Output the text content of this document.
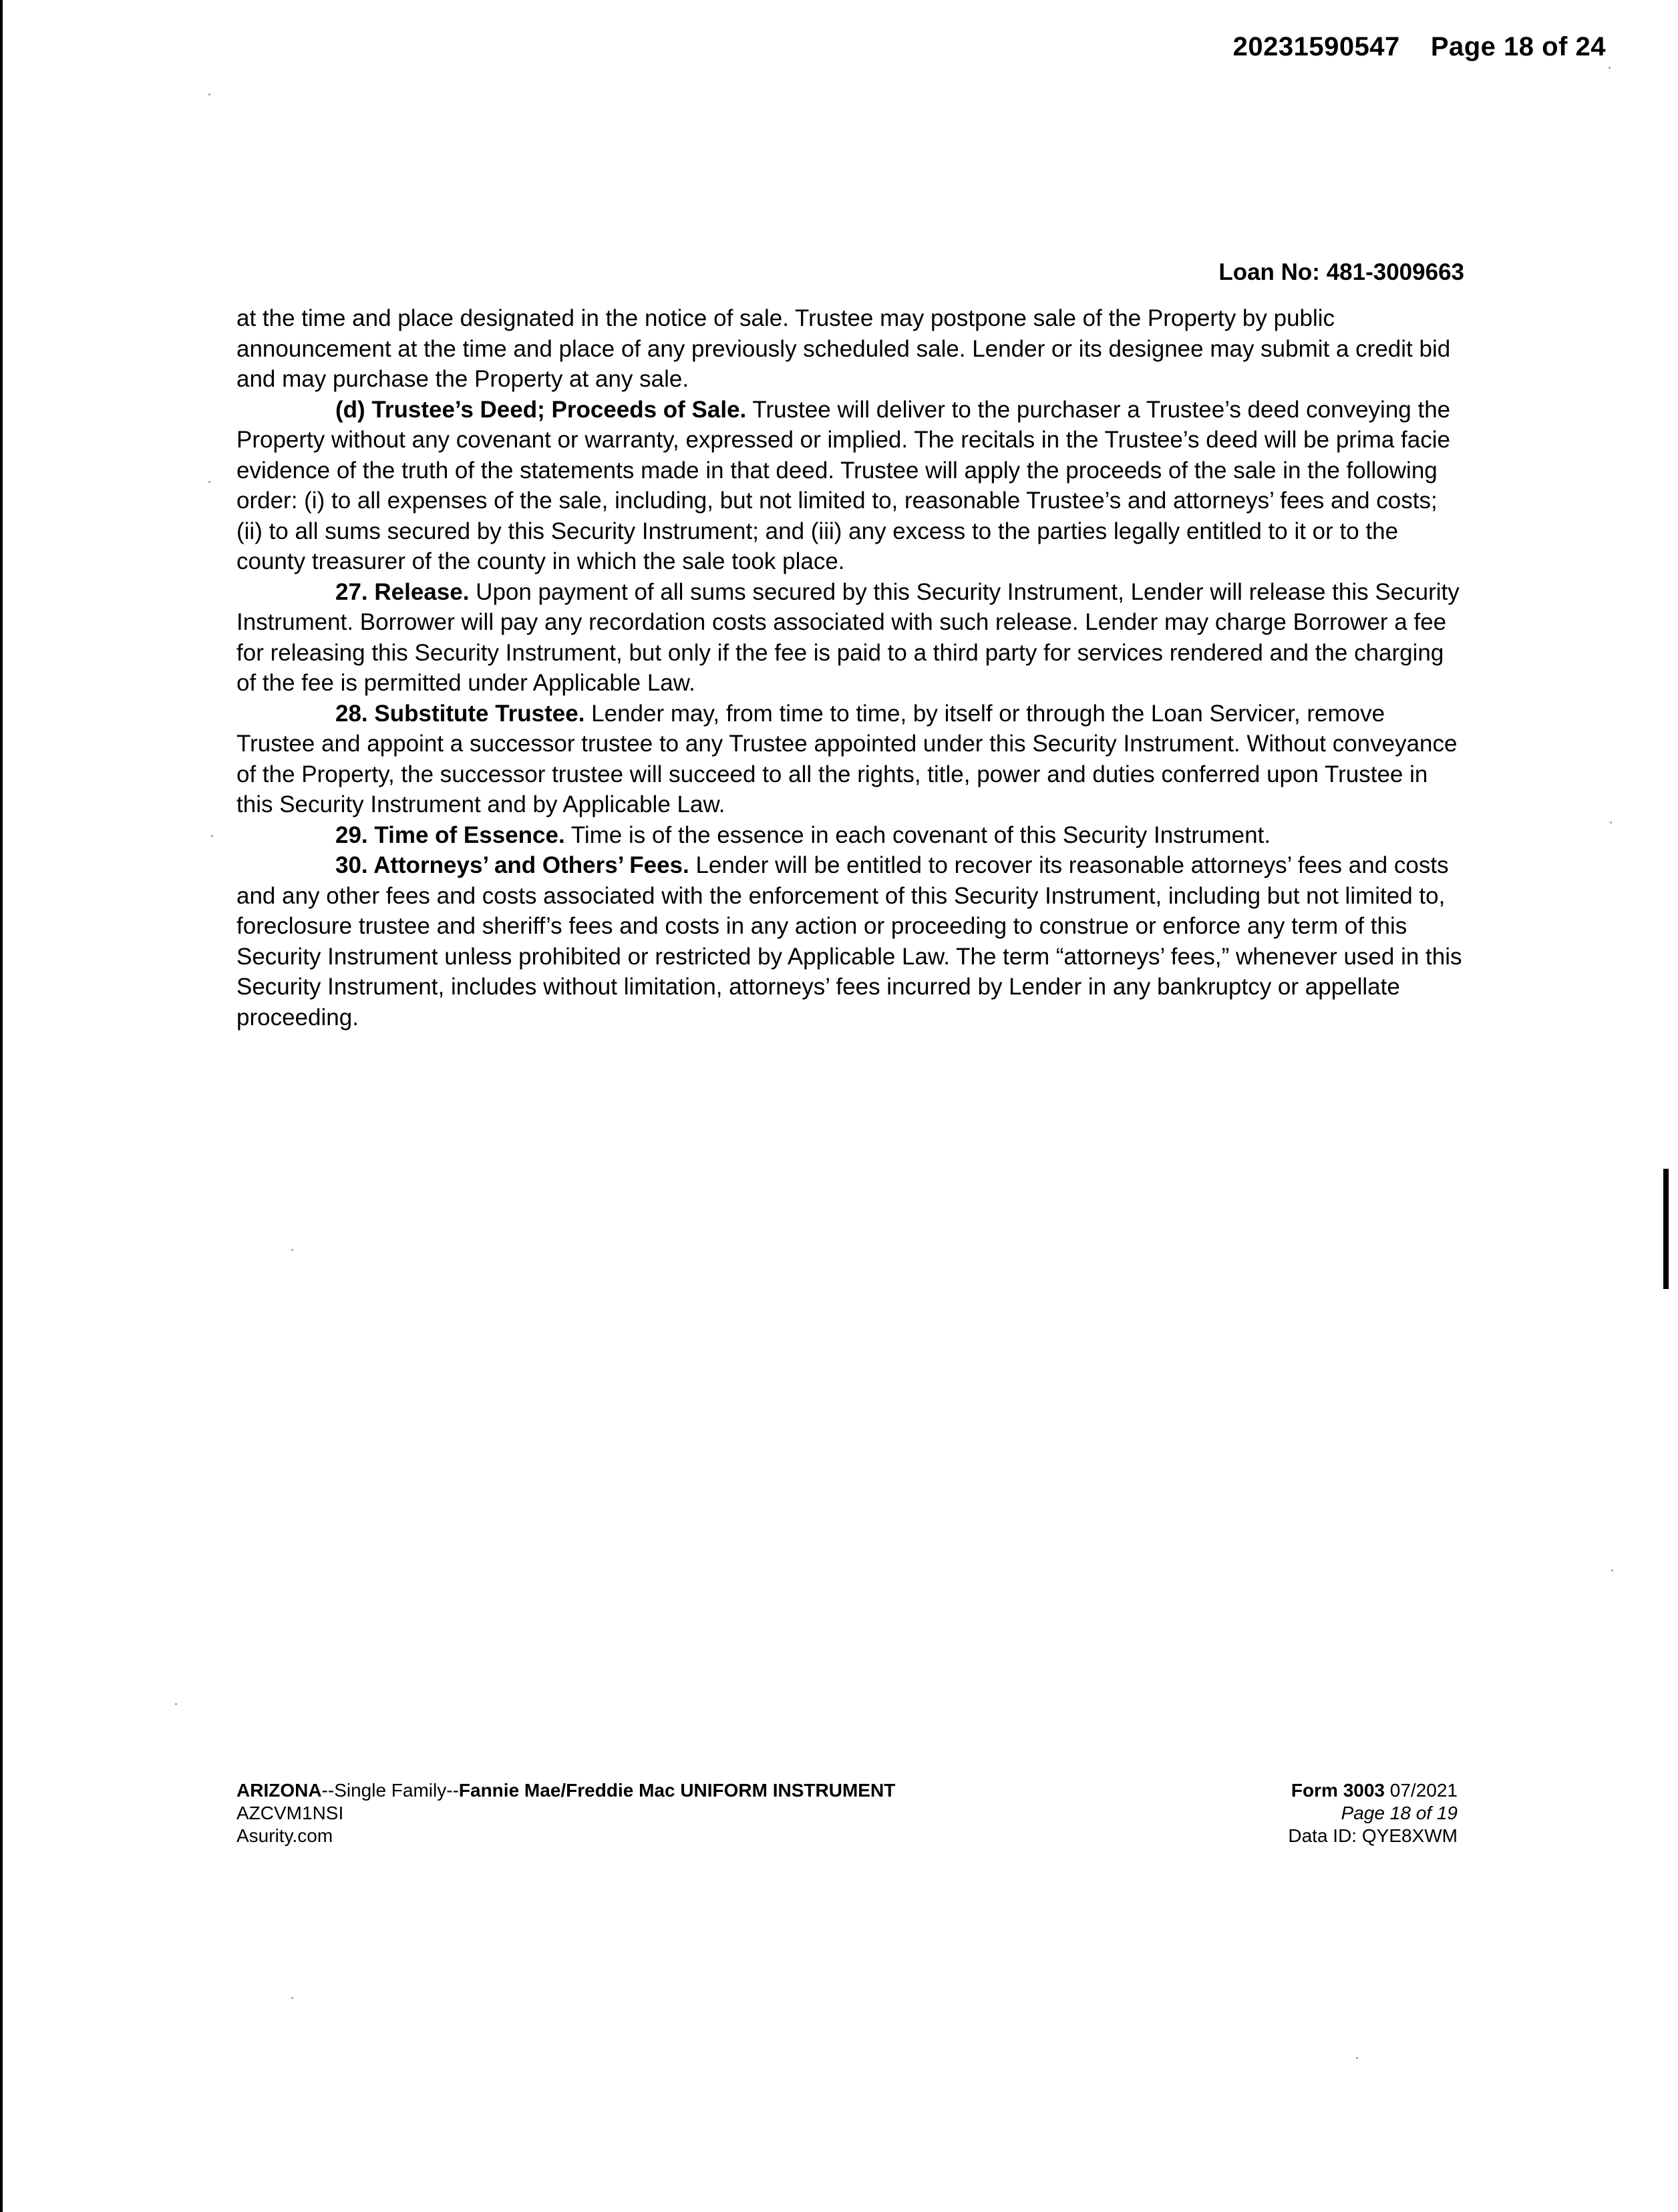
20231590547 Page 18 of 24
Loan No: 481-3009663

at the time and place designated in the notice of sale. Trustee may postpone sale of the Property by public announcement at the time and place of any previously scheduled sale. Lender or its designee may submit a credit bid and may purchase the Property at any sale.

(d) Trustee’s Deed; Proceeds of Sale. Trustee will deliver to the purchaser a Trustee’s deed conveying the Property without any covenant or warranty, expressed or implied. The recitals in the Trustee’s deed will be prima facie evidence of the truth of the statements made in that deed. Trustee will apply the proceeds of the sale in the following order: (i) to all expenses of the sale, including, but not limited to, reasonable Trustee’s and attorneys’ fees and costs; (ii) to all sums secured by this Security Instrument; and (iii) any excess to the parties legally entitled to it or to the county treasurer of the county in which the sale took place.

27. Release. Upon payment of all sums secured by this Security Instrument, Lender will release this Security Instrument. Borrower will pay any recordation costs associated with such release. Lender may charge Borrower a fee for releasing this Security Instrument, but only if the fee is paid to a third party for services rendered and the charging of the fee is permitted under Applicable Law.

28. Substitute Trustee. Lender may, from time to time, by itself or through the Loan Servicer, remove Trustee and appoint a successor trustee to any Trustee appointed under this Security Instrument. Without conveyance of the Property, the successor trustee will succeed to all the rights, title, power and duties conferred upon Trustee in this Security Instrument and by Applicable Law.

29. Time of Essence. Time is of the essence in each covenant of this Security Instrument.

30. Attorneys’ and Others’ Fees. Lender will be entitled to recover its reasonable attorneys’ fees and costs and any other fees and costs associated with the enforcement of this Security Instrument, including but not limited to, foreclosure trustee and sheriff’s fees and costs in any action or proceeding to construe or enforce any term of this Security Instrument unless prohibited or restricted by Applicable Law. The term “attorneys’ fees,” whenever used in this Security Instrument, includes without limitation, attorneys’ fees incurred by Lender in any bankruptcy or appellate proceeding.

ARIZONA--Single Family--Fannie Mae/Freddie Mac UNIFORM INSTRUMENT
AZCVM1NSI
Asurity.com
Form 3003 07/2021
Page 18 of 19
Data ID: QYE8XWM
